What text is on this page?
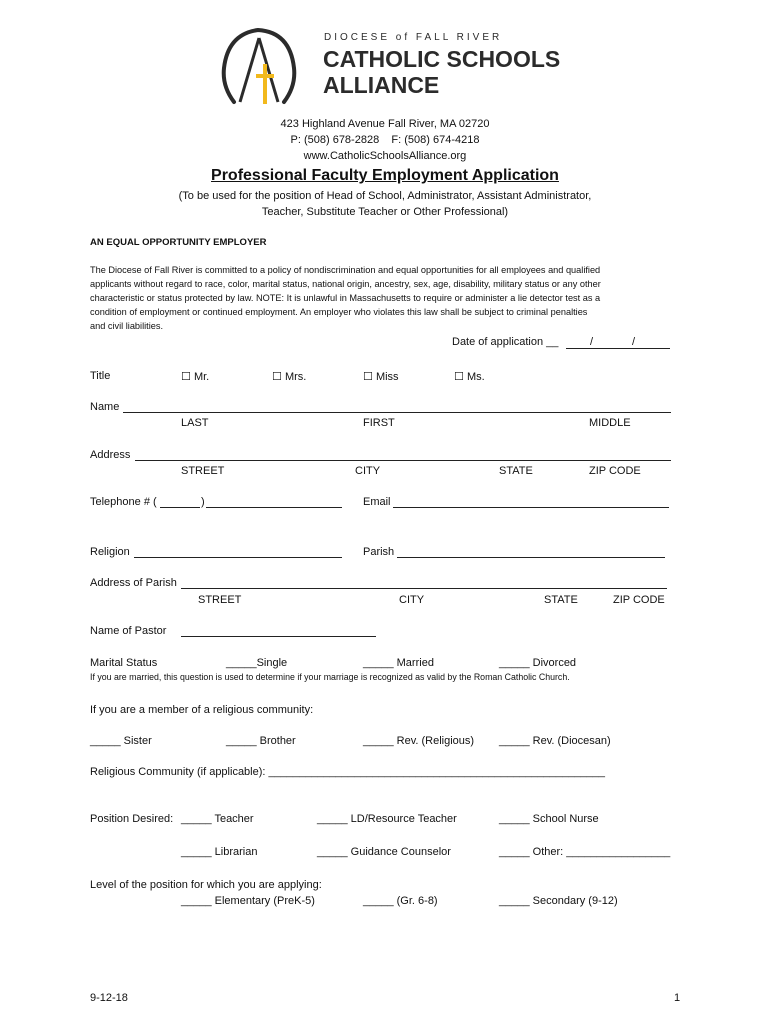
DIOCESE of FALL RIVER
CATHOLIC SCHOOLS
ALLIANCE
423 Highland Avenue Fall River, MA 02720
P: (508) 678-2828    F: (508) 674-4218
www.CatholicSchoolsAlliance.org
Professional Faculty Employment Application
(To be used for the position of Head of School, Administrator, Assistant Administrator,
Teacher, Substitute Teacher or Other Professional)
AN EQUAL OPPORTUNITY EMPLOYER
The Diocese of Fall River is committed to a policy of nondiscrimination and equal opportunities for all employees and qualified
applicants without regard to race, color, marital status, national origin, ancestry, sex, age, disability, military status or any other
characteristic or status protected by law. NOTE: It is unlawful in Massachusetts to require or administer a lie detector test as a
condition of employment or continued employment. An employer who violates this law shall be subject to criminal penalties
and civil liabilities.
Date of application __	/	/
Title	☐ Mr.	☐ Mrs.	☐ Miss	☐ Ms.
Name
LAST	FIRST	MIDDLE
Address
STREET	CITY	STATE	ZIP CODE
Telephone # (	)	Email
Religion	Parish
Address of Parish
STREET	CITY	STATE	ZIP CODE
Name of Pastor
Marital Status	_____Single	_____ Married	_____ Divorced
If you are married, this question is used to determine if your marriage is recognized as valid by the Roman Catholic Church.
If you are a member of a religious community:
_____ Sister	_____ Brother	_____ Rev. (Religious) _____ Rev. (Diocesan)
Religious Community (if applicable): _______________________________________________________
Position Desired: _____ Teacher	_____ LD/Resource Teacher	_____ School Nurse
_____ Librarian	_____ Guidance Counselor	_____ Other: _________________
Level of the position for which you are applying:
_____ Elementary (PreK-5)	_____ (Gr. 6-8)	_____ Secondary (9-12)
9-12-18	1
